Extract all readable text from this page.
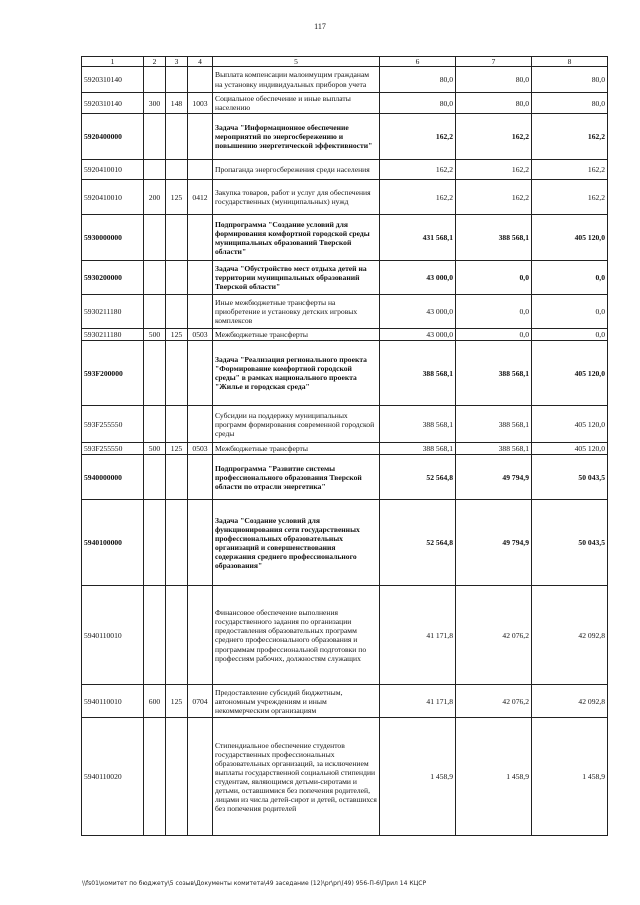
117
1	2	3	4	5	6	7	8
5920310140				Выплата компенсации малоимущим гражданам на установку индивидуальных приборов учета	80,0	80,0	80,0
5920310140	300	148	1003	Социальное обеспечение и иные выплаты населению	80,0	80,0	80,0
5920400000				Задача "Информационное обеспечение мероприятий по энергосбережению и повышению энергетической эффективности"	162,2	162,2	162,2
5920410010				Пропаганда энергосбережения среди населения	162,2	162,2	162,2
5920410010	200	125	0412	Закупка товаров, работ и услуг для обеспечения государственных (муниципальных) нужд	162,2	162,2	162,2
5930000000				Подпрограмма "Создание условий для формирования комфортной городской среды муниципальных образований Тверской области"	431 568,1	388 568,1	405 120,0
5930200000				Задача "Обустройство мест отдыха детей на территории муниципальных образований Тверской области"	43 000,0	0,0	0,0
5930211180				Иные межбюджетные трансферты на приобретение и установку детских игровых комплексов	43 000,0	0,0	0,0
5930211180	500	125	0503	Межбюджетные трансферты	43 000,0	0,0	0,0
593F200000				Задача "Реализация регионального проекта "Формирование комфортной городской среды" в рамках национального проекта "Жилье и городская среда"	388 568,1	388 568,1	405 120,0
593F255550				Субсидии на поддержку муниципальных программ формирования современной городской среды	388 568,1	388 568,1	405 120,0
593F255550	500	125	0503	Межбюджетные трансферты	388 568,1	388 568,1	405 120,0
5940000000				Подпрограмма "Развитие системы профессионального образования Тверской области по отрасли энергетика"	52 564,8	49 794,9	50 043,5
5940100000				Задача "Создание условий для функционирования сети государственных профессиональных образовательных организаций и совершенствования содержания среднего профессионального образования"	52 564,8	49 794,9	50 043,5
5940110010				Финансовое обеспечение выполнения государственного задания по организации предоставления образовательных программ среднего профессионального образования и программам профессиональной подготовки по профессиям рабочих, должностям служащих	41 171,8	42 076,2	42 092,8
5940110010	600	125	0704	Предоставление субсидий бюджетным, автономным учреждениям и иным некоммерческим организациям	41 171,8	42 076,2	42 092,8
5940110020				Стипендиальное обеспечение студентов государственных профессиональных образовательных организаций, за исключением выплаты государственной социальной стипендии студентам, являющимся детьми-сиротами и детьми, оставшимися без попечения родителей, лицами из числа детей-сирот и детей, оставшихся без попечения родителей	1 458,9	1 458,9	1 458,9
\\fs01\комитет по бюджету\5 созыв\Документы комитета\49 заседание (12)\pr\pr\(49) 956-П-6\Прил 14 КЦСР
